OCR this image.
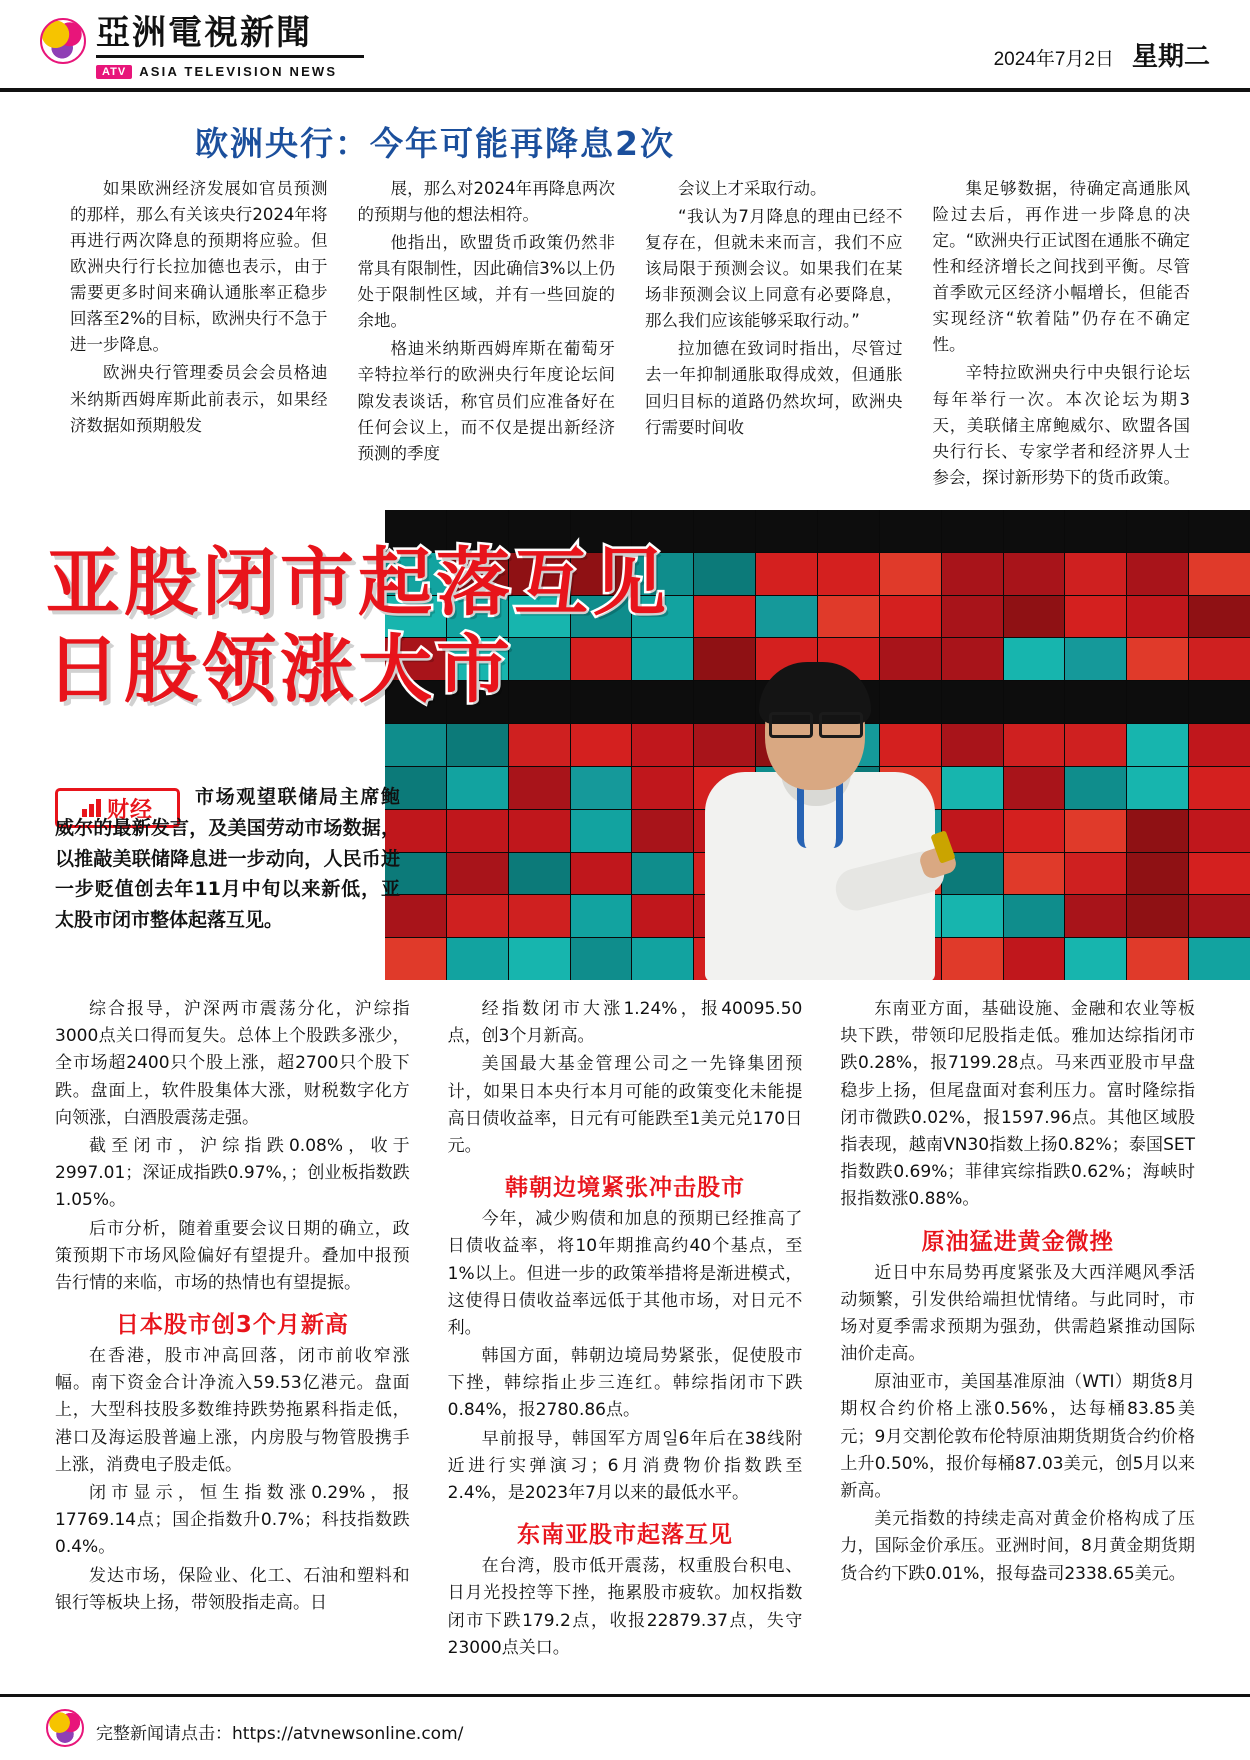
亞洲電視新聞
ATV	ASIA TELEVISION NEWS
2024年7月2日 星期二
欧洲央行：今年可能再降息2次

如果欧洲经济发展如官员预测的那样，那么有关该央行2024年将再进行两次降息的预期将应验。但欧洲央行行长拉加德也表示，由于需要更多时间来确认通胀率正稳步回落至2%的目标，欧洲央行不急于进一步降息。

欧洲央行管理委员会会员格迪米纳斯西姆库斯此前表示，如果经济数据如预期般发

展，那么对2024年再降息两次的预期与他的想法相符。

他指出，欧盟货币政策仍然非常具有限制性，因此确信3%以上仍处于限制性区域，并有一些回旋的余地。

格迪米纳斯西姆库斯在葡萄牙辛特拉举行的欧洲央行年度论坛间隙发表谈话，称官员们应准备好在任何会议上，而不仅是提出新经济预测的季度

会议上才采取行动。

“我认为7月降息的理由已经不复存在，但就未来而言，我们不应该局限于预测会议。如果我们在某场非预测会议上同意有必要降息，那么我们应该能够采取行动。”

拉加德在致词时指出，尽管过去一年抑制通胀取得成效，但通胀回归目标的道路仍然坎坷，欧洲央行需要时间收

集足够数据，待确定高通胀风险过去后，再作进一步降息的决定。“欧洲央行正试图在通胀不确定性和经济增长之间找到平衡。尽管首季欧元区经济小幅增长，但能否实现经济“软着陆”仍存在不确定性。

辛特拉欧洲央行中央银行论坛每年举行一次。本次论坛为期3天，美联储主席鲍威尔、欧盟各国央行行长、专家学者和经济界人士参会，探讨新形势下的货币政策。

亚股闭市起落互见
日股领涨大市
财经	市场观望联储局主席鲍威尔的最新发言，及美国劳动市场数据，以推敲美联储降息进一步动向，人民币进一步贬值创去年11月中旬以来新低，亚太股市闭市整体起落互见。

综合报导，沪深两市震荡分化，沪综指3000点关口得而复失。总体上个股跌多涨少，全市场超2400只个股上涨，超2700只个股下跌。盘面上，软件股集体大涨，财税数字化方向领涨，白酒股震荡走强。

截至闭市，沪综指跌0.08%，收于2997.01；深证成指跌0.97%，；创业板指数跌1.05%。

后市分析，随着重要会议日期的确立，政策预期下市场风险偏好有望提升。叠加中报预告行情的来临，市场的热情也有望提振。

日本股市创3个月新高

在香港，股市冲高回落，闭市前收窄涨幅。南下资金合计净流入59.53亿港元。盘面上，大型科技股多数维持跌势拖累科指走低，港口及海运股普遍上涨，内房股与物管股携手上涨，消费电子股走低。

闭市显示，恒生指数涨0.29%，报17769.14点；国企指数升0.7%；科技指数跌0.4%。

发达市场，保险业、化工、石油和塑料和银行等板块上扬，带领股指走高。日

经指数闭市大涨1.24%，报40095.50点，创3个月新高。

美国最大基金管理公司之一先锋集团预计，如果日本央行本月可能的政策变化未能提高日债收益率，日元有可能跌至1美元兑170日元。

韩朝边境紧张冲击股市

今年，减少购债和加息的预期已经推高了日债收益率，将10年期推高约40个基点，至1%以上。但进一步的政策举措将是渐进模式，这使得日债收益率远低于其他市场，对日元不利。

韩国方面，韩朝边境局势紧张，促使股市下挫，韩综指止步三连红。韩综指闭市下跌0.84%，报2780.86点。

早前报导，韩国军方周일6年后在38线附近进行实弹演习；6月消费物价指数跌至2.4%，是2023年7月以来的最低水平。

东南亚股市起落互见

在台湾，股市低开震荡，权重股台积电、日月光投控等下挫，拖累股市疲软。加权指数闭市下跌179.2点，收报22879.37点，失守23000点关口。

东南亚方面，基础设施、金融和农业等板块下跌，带领印尼股指走低。雅加达综指闭市跌0.28%，报7199.28点。马来西亚股市早盘稳步上扬，但尾盘面对套利压力。富时隆综指闭市微跌0.02%，报1597.96点。其他区域股指表现，越南VN30指数上扬0.82%；泰国SET指数跌0.69%；菲律宾综指跌0.62%；海峡时报指数涨0.88%。

原油猛进黄金微挫

近日中东局势再度紧张及大西洋飓风季活动频繁，引发供给端担忧情绪。与此同时，市场对夏季需求预期为强劲，供需趋紧推动国际油价走高。

原油亚市，美国基准原油（WTI）期货8月期权合约价格上涨0.56%，达每桶83.85美元；9月交割伦敦布伦特原油期货期货合约价格上升0.50%，报价每桶87.03美元，创5月以来新高。

美元指数的持续走高对黄金价格构成了压力，国际金价承压。亚洲时间，8月黄金期货期货合约下跌0.01%，报每盎司2338.65美元。

完整新闻请点击：https://atvnewsonline.com/
